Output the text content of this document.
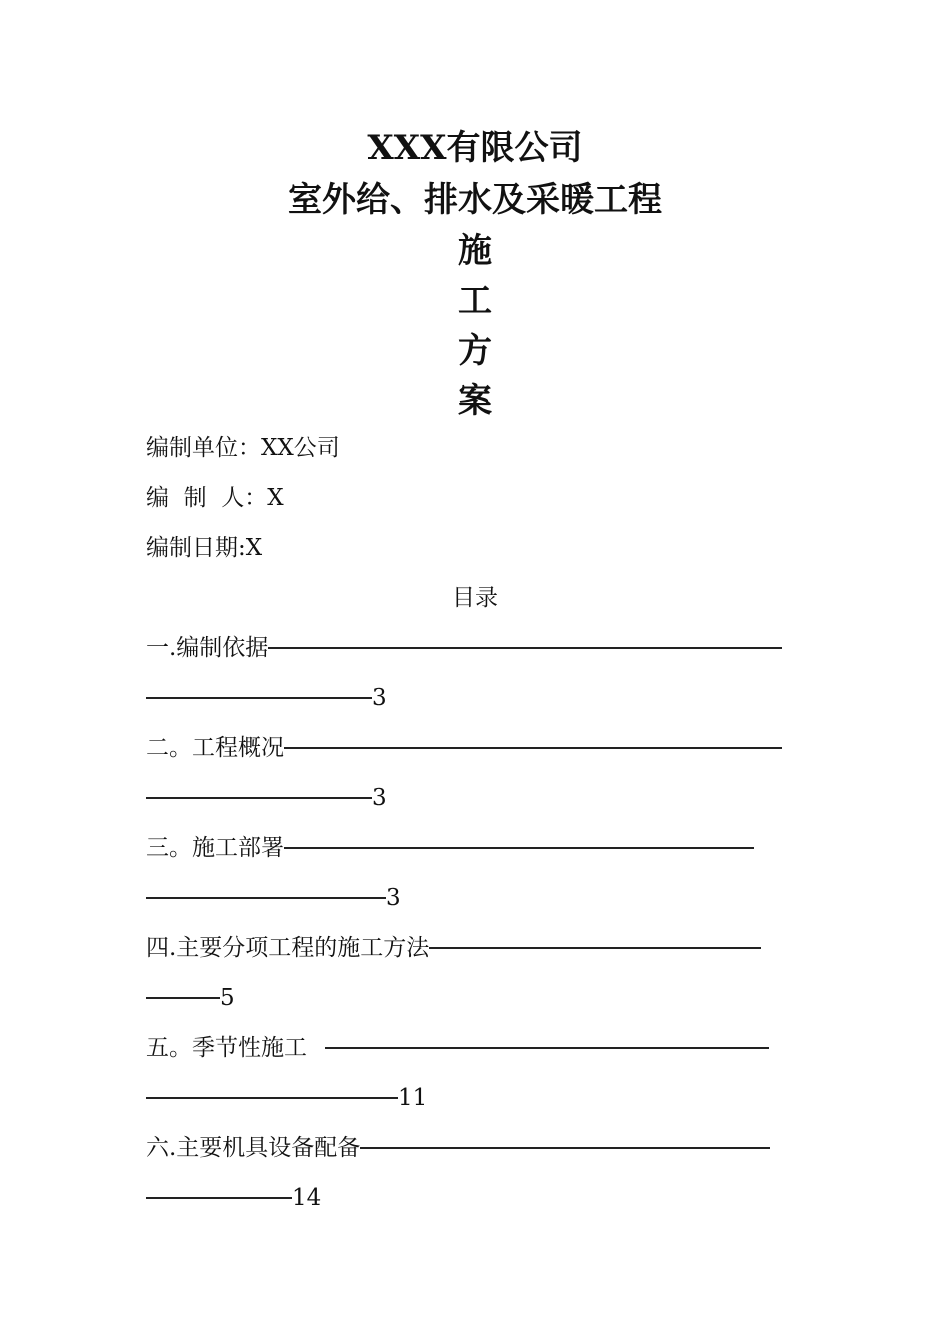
XXX有限公司
室外给、排水及采暖工程
施
工
方
案
编制单位：XX公司
编  制  人：X
编制日期:X
目录
一.编制依据
3
二。工程概况
3
三。施工部署
3
四.主要分项工程的施工方法
5
五。季节性施工
11
六.主要机具设备配备
14
